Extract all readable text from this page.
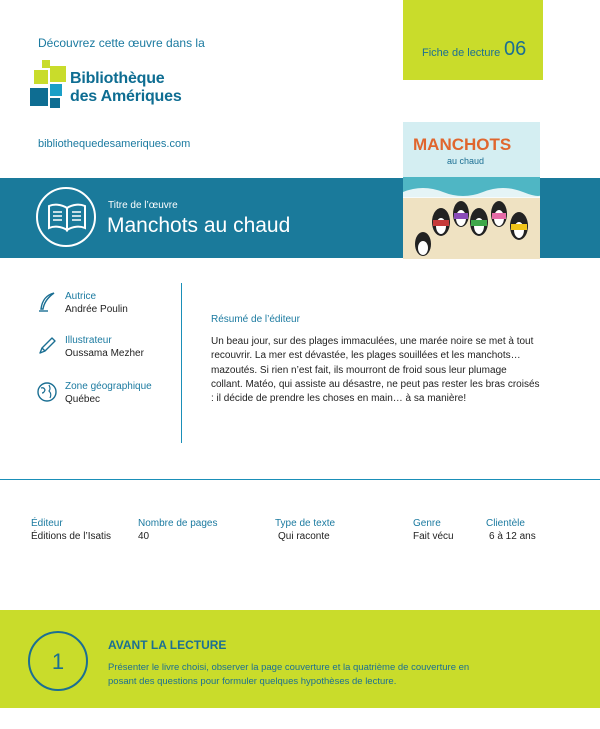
Découvrez cette œuvre dans la
Bibliothèque
des Amériques
bibliothequedesameriques.com
Fiche de lecture 06
Titre de l’œuvre
Manchots au chaud
MANCHOTS
au chaud
Autrice
Andrée Poulin
Illustrateur
Oussama Mezher
Zone géographique
Québec
Résumé de l’éditeur
Un beau jour, sur des plages immaculées, une marée noire se met à tout recouvrir. La mer est dévastée, les plages souillées et les manchots… mazoutés. Si rien n’est fait, ils mourront de froid sous leur plumage collant. Matéo, qui assiste au désastre, ne peut pas rester les bras croisés : il décide de prendre les choses en main… à sa manière!
Éditeur
Éditions de l’Isatis
Nombre de pages
40
Type de texte
Qui raconte
Genre
Fait vécu
Clientèle
6 à 12 ans
1
AVANT LA LECTURE
Présenter le livre choisi, observer la page couverture et la quatrième de couverture en posant des questions pour formuler quelques hypothèses de lecture.
